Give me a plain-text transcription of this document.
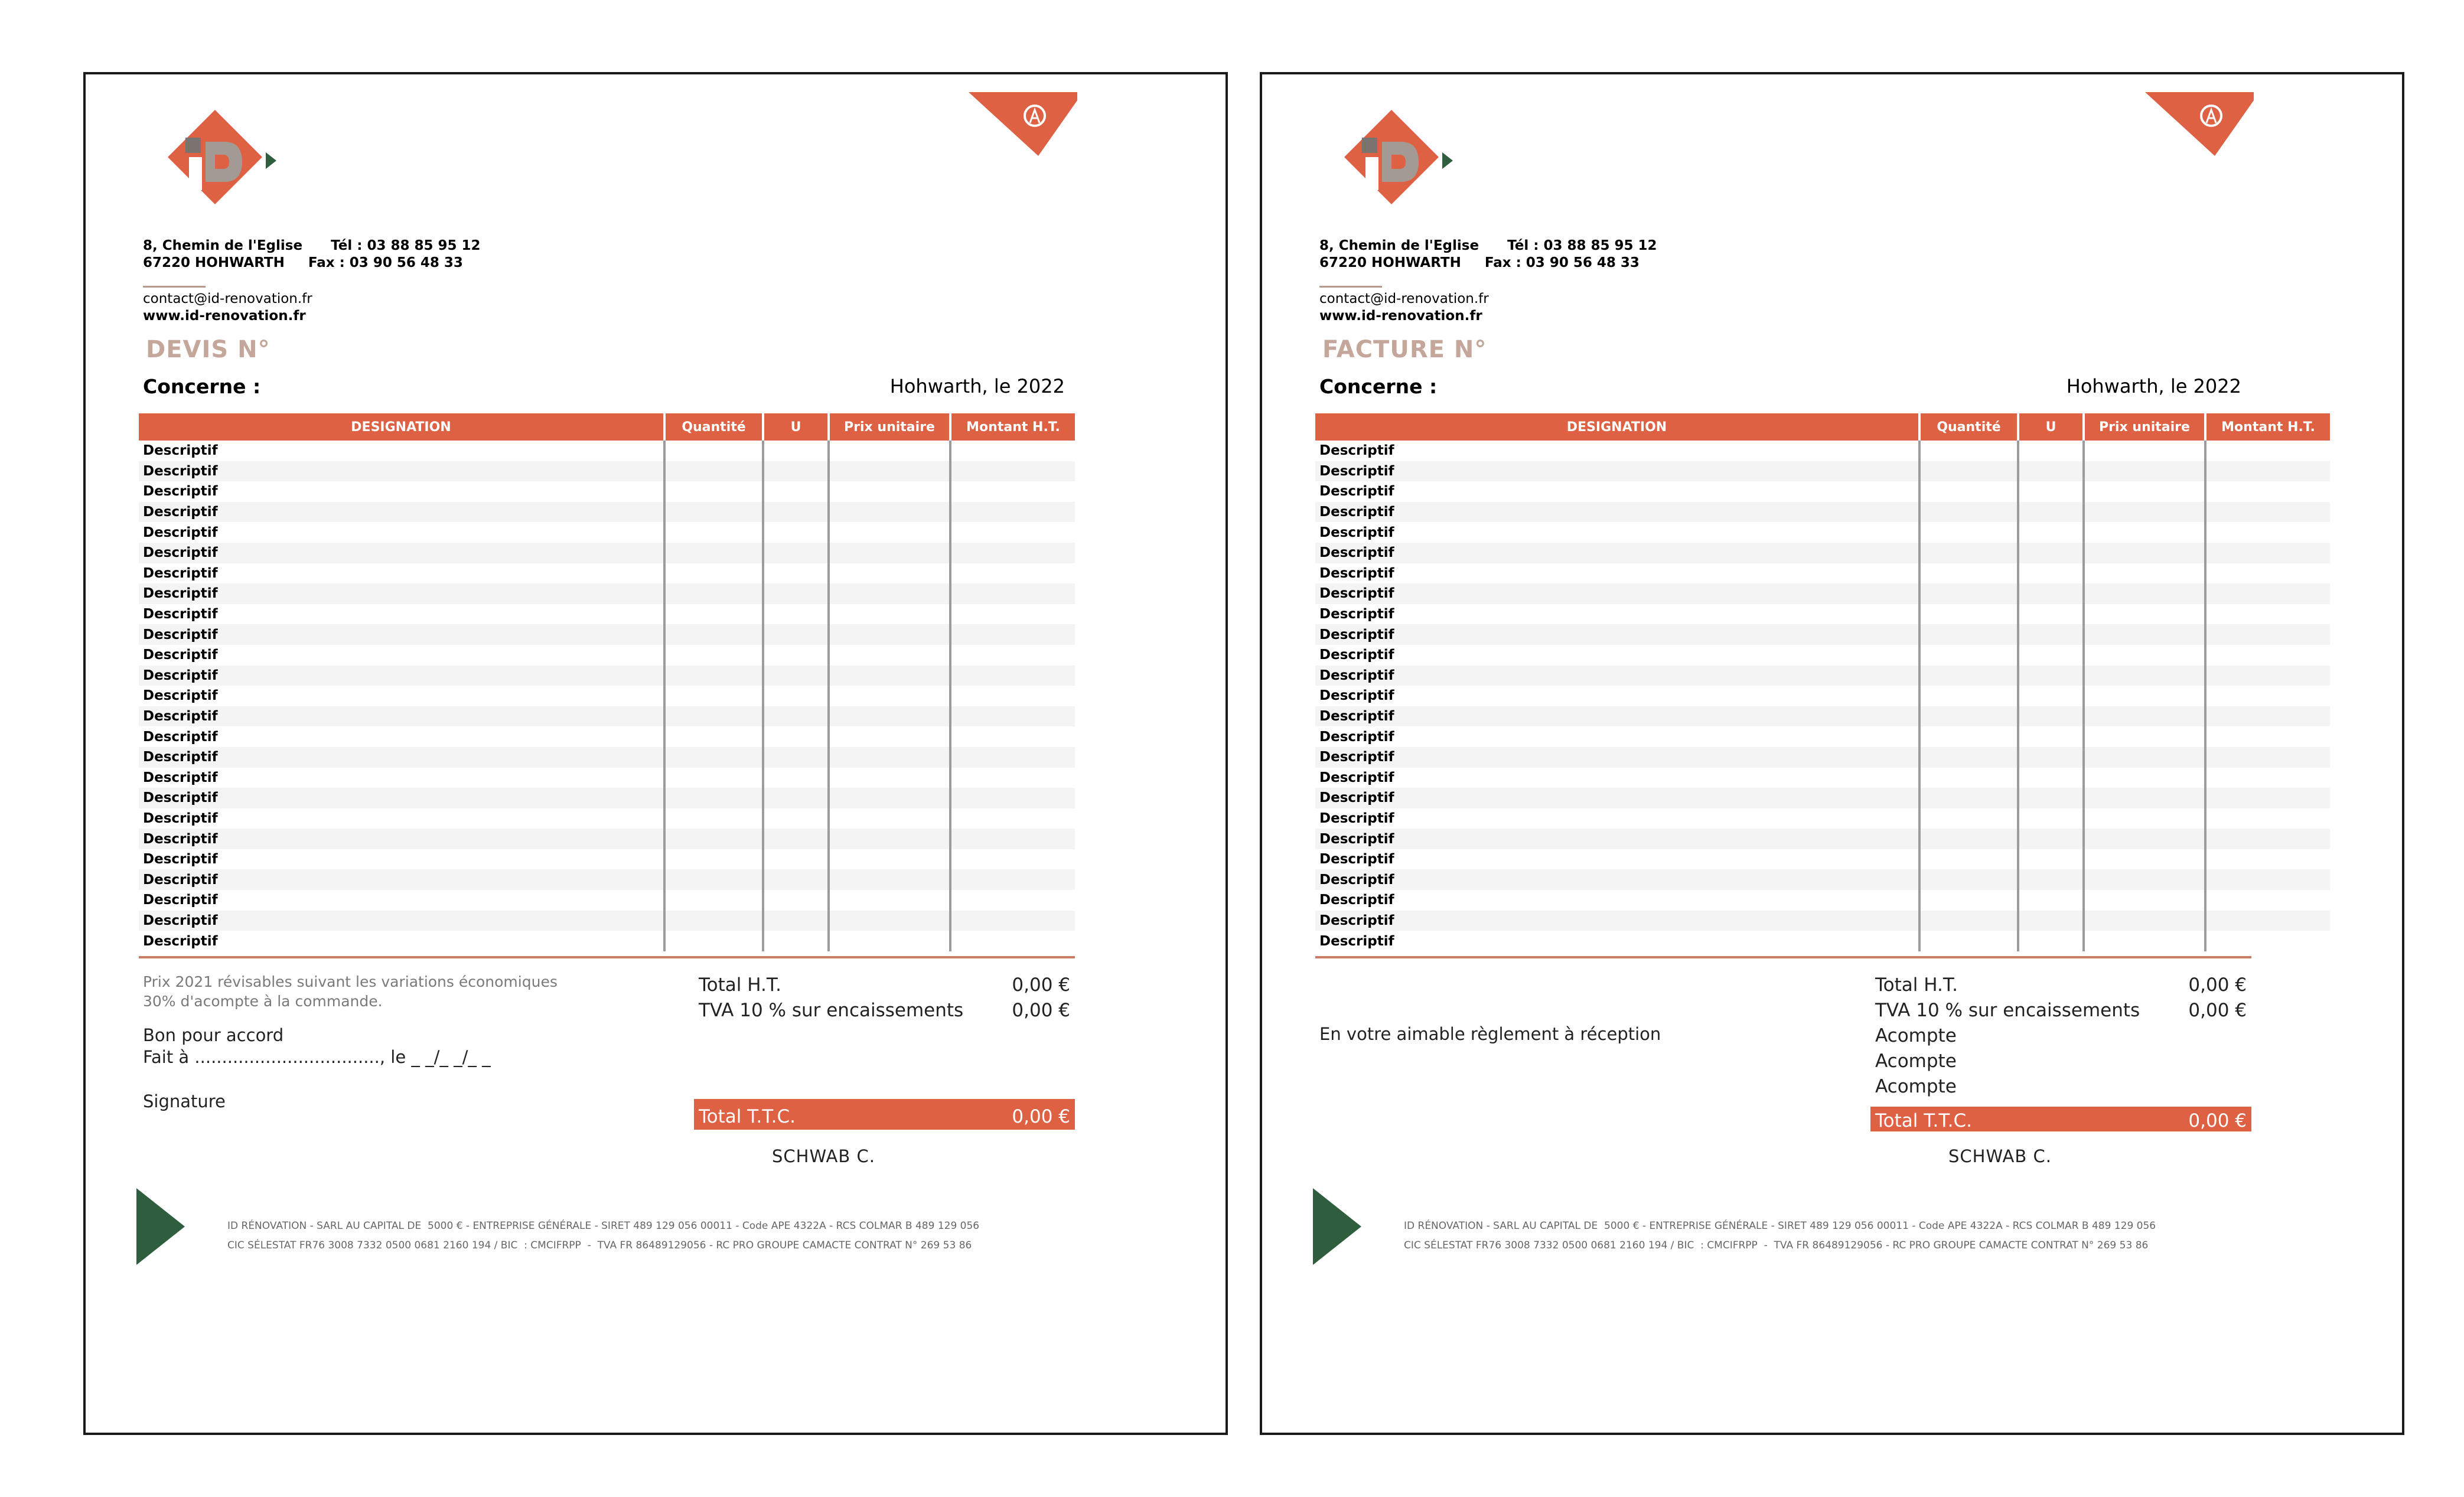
8, Chemin de l'Eglise Tél : 03 88 85 95 12
67220 HOHWARTH Fax : 03 90 56 48 33
contact@id-renovation.fr
www.id-renovation.fr
DEVIS N°
Concerne :	Hohwarth, le 2022
DESIGNATION	Quantité	U	Prix unitaire	Montant H.T.
Descriptif				
Descriptif				
Descriptif				
Descriptif				
Descriptif				
Descriptif				
Descriptif				
Descriptif				
Descriptif				
Descriptif				
Descriptif				
Descriptif				
Descriptif				
Descriptif				
Descriptif				
Descriptif				
Descriptif				
Descriptif				
Descriptif				
Descriptif				
Descriptif				
Descriptif				
Descriptif				
Descriptif				
Descriptif				
Prix 2021 révisables suivant les variations économiques
30% d'acompte à la commande.
Bon pour accord
Fait à .................................., le _ _/_ _/_ _
Signature
Total H.T.	0,00 €
TVA 10 % sur encaissements	0,00 €
Total T.T.C.	0,00 €
SCHWAB C.
ID RÉNOVATION - SARL AU CAPITAL DE  5000 € - ENTREPRISE GÉNÉRALE - SIRET 489 129 056 00011 - Code APE 4322A - RCS COLMAR B 489 129 056
CIC SÉLESTAT FR76 3008 7332 0500 0681 2160 194 / BIC  : CMCIFRPP  -  TVA FR 86489129056 - RC PRO GROUPE CAMACTE CONTRAT N° 269 53 86
8, Chemin de l'Eglise Tél : 03 88 85 95 12
67220 HOHWARTH Fax : 03 90 56 48 33
contact@id-renovation.fr
www.id-renovation.fr
FACTURE N°
Concerne :	Hohwarth, le 2022
DESIGNATION	Quantité	U	Prix unitaire	Montant H.T.
Descriptif				
Descriptif				
Descriptif				
Descriptif				
Descriptif				
Descriptif				
Descriptif				
Descriptif				
Descriptif				
Descriptif				
Descriptif				
Descriptif				
Descriptif				
Descriptif				
Descriptif				
Descriptif				
Descriptif				
Descriptif				
Descriptif				
Descriptif				
Descriptif				
Descriptif				
Descriptif				
Descriptif				
Descriptif				
En votre aimable règlement à réception
Total H.T.	0,00 €
TVA 10 % sur encaissements	0,00 €
Acompte
Acompte
Acompte
Total T.T.C.	0,00 €
SCHWAB C.
ID RÉNOVATION - SARL AU CAPITAL DE  5000 € - ENTREPRISE GÉNÉRALE - SIRET 489 129 056 00011 - Code APE 4322A - RCS COLMAR B 489 129 056
CIC SÉLESTAT FR76 3008 7332 0500 0681 2160 194 / BIC  : CMCIFRPP  -  TVA FR 86489129056 - RC PRO GROUPE CAMACTE CONTRAT N° 269 53 86
